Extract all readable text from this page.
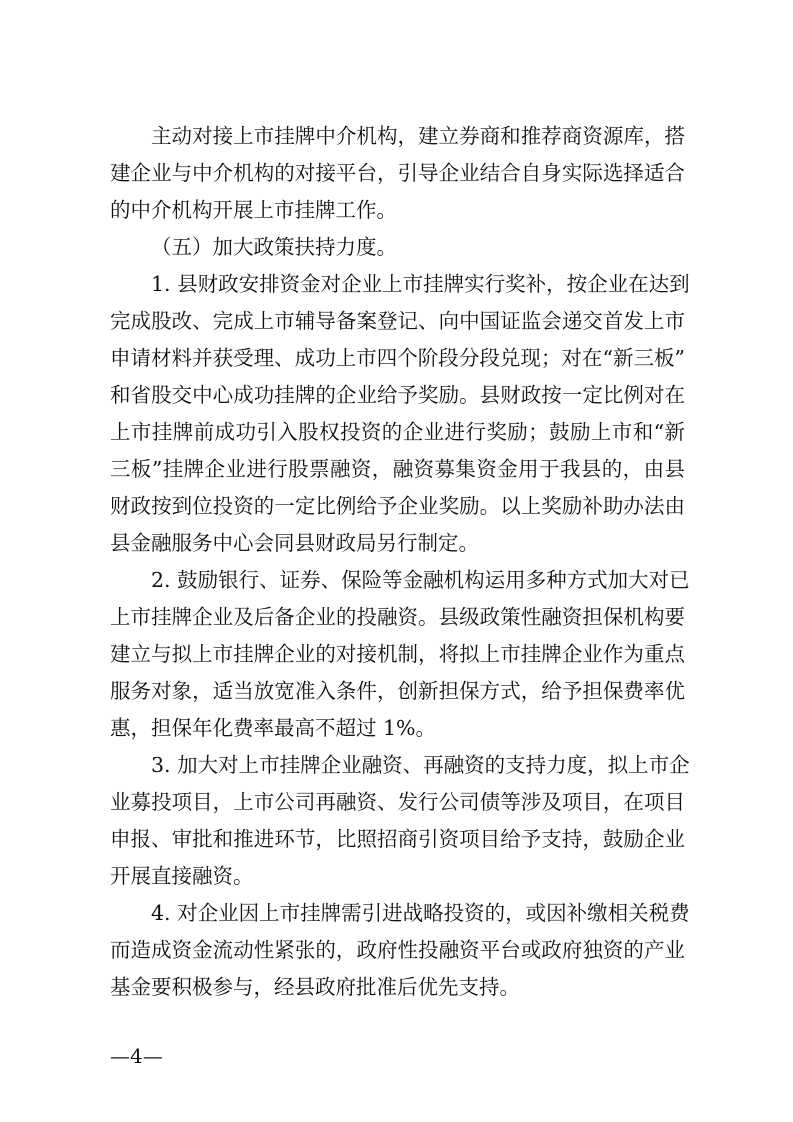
主动对接上市挂牌中介机构，建立券商和推荐商资源库，搭
建企业与中介机构的对接平台，引导企业结合自身实际选择适合
的中介机构开展上市挂牌工作。
（五）加大政策扶持力度。
1. 县财政安排资金对企业上市挂牌实行奖补，按企业在达到
完成股改、完成上市辅导备案登记、向中国证监会递交首发上市
申请材料并获受理、成功上市四个阶段分段兑现；对在“新三板”
和省股交中心成功挂牌的企业给予奖励。县财政按一定比例对在
上市挂牌前成功引入股权投资的企业进行奖励；鼓励上市和“新
三板”挂牌企业进行股票融资，融资募集资金用于我县的，由县
财政按到位投资的一定比例给予企业奖励。以上奖励补助办法由
县金融服务中心会同县财政局另行制定。
2. 鼓励银行、证券、保险等金融机构运用多种方式加大对已
上市挂牌企业及后备企业的投融资。县级政策性融资担保机构要
建立与拟上市挂牌企业的对接机制，将拟上市挂牌企业作为重点
服务对象，适当放宽准入条件，创新担保方式，给予担保费率优
惠，担保年化费率最高不超过 1%。
3. 加大对上市挂牌企业融资、再融资的支持力度，拟上市企
业募投项目，上市公司再融资、发行公司债等涉及项目，在项目
申报、审批和推进环节，比照招商引资项目给予支持，鼓励企业
开展直接融资。
4. 对企业因上市挂牌需引进战略投资的，或因补缴相关税费
而造成资金流动性紧张的，政府性投融资平台或政府独资的产业
基金要积极参与，经县政府批准后优先支持。
—4—
